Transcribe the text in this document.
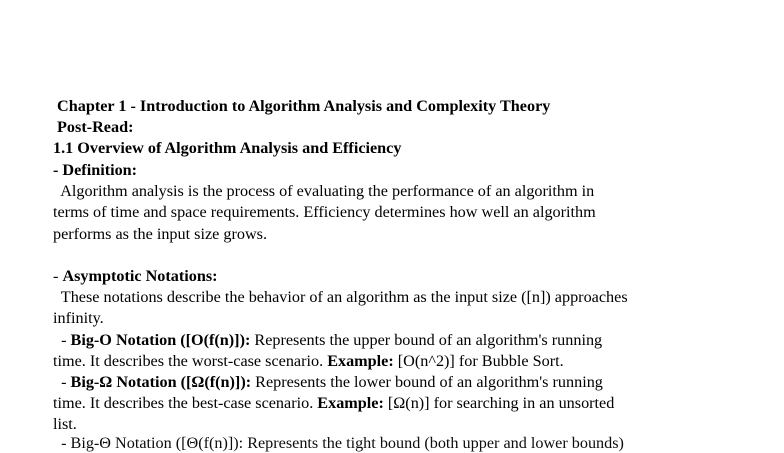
Chapter 1 - Introduction to Algorithm Analysis and Complexity Theory
Post-Read:
1.1 Overview of Algorithm Analysis and Efficiency
- Definition:
Algorithm analysis is the process of evaluating the performance of an algorithm in
terms of time and space requirements. Efficiency determines how well an algorithm
performs as the input size grows.
- Asymptotic Notations:
These notations describe the behavior of an algorithm as the input size ([n]) approaches
infinity.
- Big-O Notation ([O(f(n)]): Represents the upper bound of an algorithm's running
time. It describes the worst-case scenario. Example: [O(n^2)] for Bubble Sort.
- Big-Ω Notation ([Ω(f(n)]): Represents the lower bound of an algorithm's running
time. It describes the best-case scenario. Example: [Ω(n)] for searching in an unsorted
list.
- Big-Θ Notation ([Θ(f(n)]): Represents the tight bound (both upper and lower bounds)
